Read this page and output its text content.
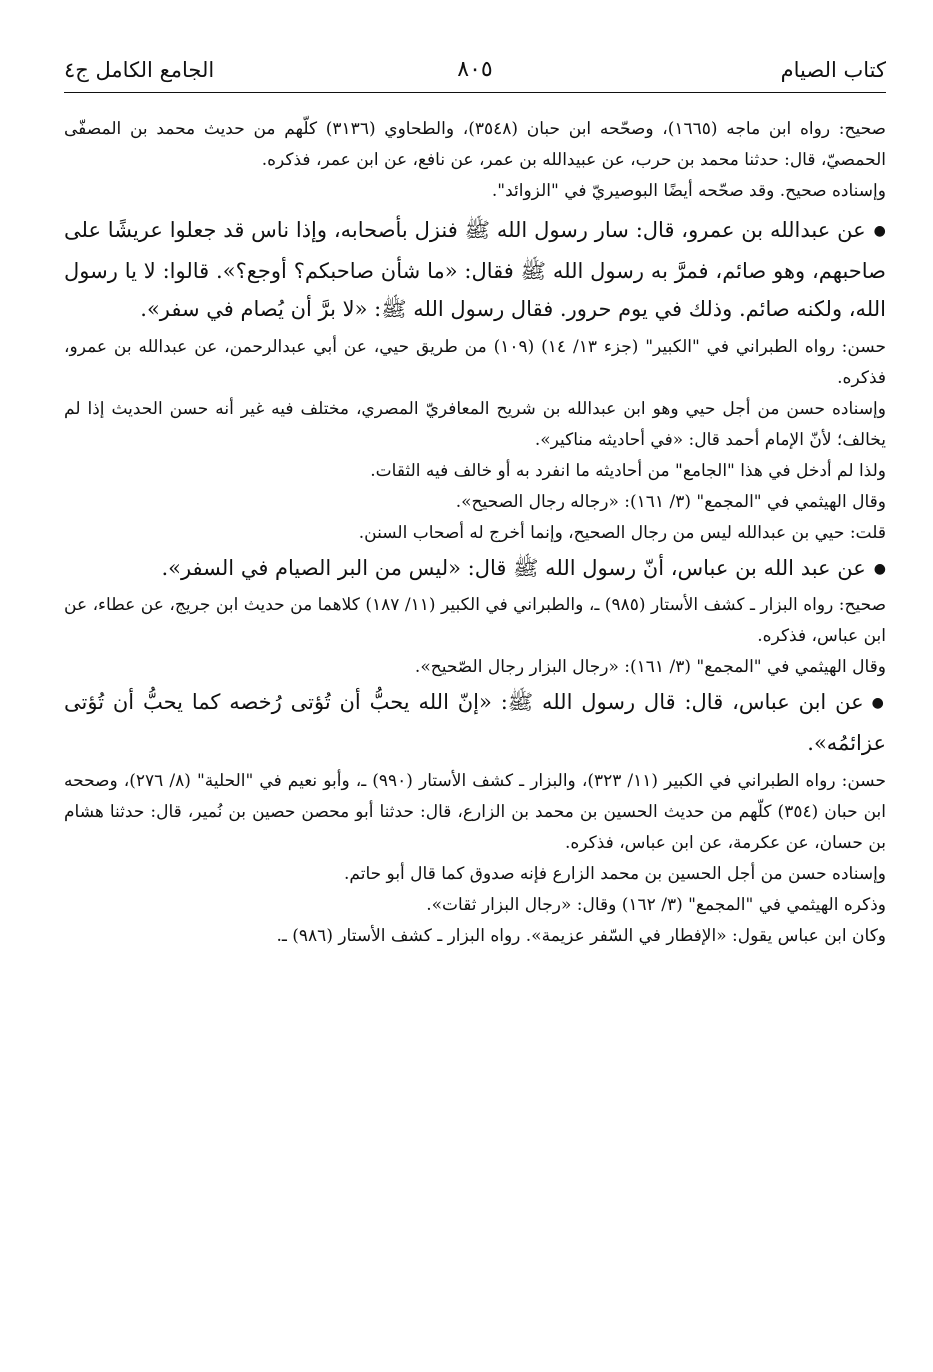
كتاب الصيام
٨٠٥
الجامع الكامل ج٤

صحيح: رواه ابن ماجه (١٦٦٥)، وصحّحه ابن حبان (٣٥٤٨)، والطحاوي (٣١٣٦) كلّهم من حديث محمد بن المصفّى الحمصيّ، قال: حدثنا محمد بن حرب، عن عبيدالله بن عمر، عن نافع، عن ابن عمر، فذكره.

وإسناده صحيح. وقد صحّحه أيضًا البوصيريّ في "الزوائد".

● عن عبدالله بن عمرو، قال: سار رسول الله ﷺ فنزل بأصحابه، وإذا ناس قد جعلوا عريشًا على صاحبهم، وهو صائم، فمرَّ به رسول الله ﷺ فقال: «ما شأن صاحبكم؟ أوجع؟». قالوا: لا يا رسول الله، ولكنه صائم. وذلك في يوم حرور. فقال رسول الله ﷺ: «لا برَّ أن يُصام في سفر».

حسن: رواه الطبراني في "الكبير" (جزء ١٣/ ١٤) (١٠٩) من طريق حيي، عن أبي عبدالرحمن، عن عبدالله بن عمرو، فذكره.

وإسناده حسن من أجل حيي وهو ابن عبدالله بن شريح المعافريّ المصري، مختلف فيه غير أنه حسن الحديث إذا لم يخالف؛ لأنّ الإمام أحمد قال: «في أحاديثه مناكير».

ولذا لم أدخل في هذا "الجامع" من أحاديثه ما انفرد به أو خالف فيه الثقات.

وقال الهيثمي في "المجمع" (٣/ ١٦١): «رجاله رجال الصحيح».

قلت: حيي بن عبدالله ليس من رجال الصحيح، وإنما أخرج له أصحاب السنن.

● عن عبد الله بن عباس، أنّ رسول الله ﷺ قال: «ليس من البر الصيام في السفر».

صحيح: رواه البزار ـ كشف الأستار (٩٨٥) ـ، والطبراني في الكبير (١١/ ١٨٧) كلاهما من حديث ابن جريج، عن عطاء، عن ابن عباس، فذكره.

وقال الهيثمي في "المجمع" (٣/ ١٦١): «رجال البزار رجال الصّحيح».

● عن ابن عباس، قال: قال رسول الله ﷺ: «إنّ الله يحبُّ أن تُؤتى رُخصه كما يحبُّ أن تُؤتى عزائمُه».

حسن: رواه الطبراني في الكبير (١١/ ٣٢٣)، والبزار ـ كشف الأستار (٩٩٠) ـ، وأبو نعيم في "الحلية" (٨/ ٢٧٦)، وصححه ابن حبان (٣٥٤) كلّهم من حديث الحسين بن محمد بن الزارع، قال: حدثنا أبو محصن حصين بن نُمير، قال: حدثنا هشام بن حسان، عن عكرمة، عن ابن عباس، فذكره.

وإسناده حسن من أجل الحسين بن محمد الزارع فإنه صدوق كما قال أبو حاتم.

وذكره الهيثمي في "المجمع" (٣/ ١٦٢) وقال: «رجال البزار ثقات».

وكان ابن عباس يقول: «الإفطار في السّفر عزيمة». رواه البزار ـ كشف الأستار (٩٨٦) ـ.
